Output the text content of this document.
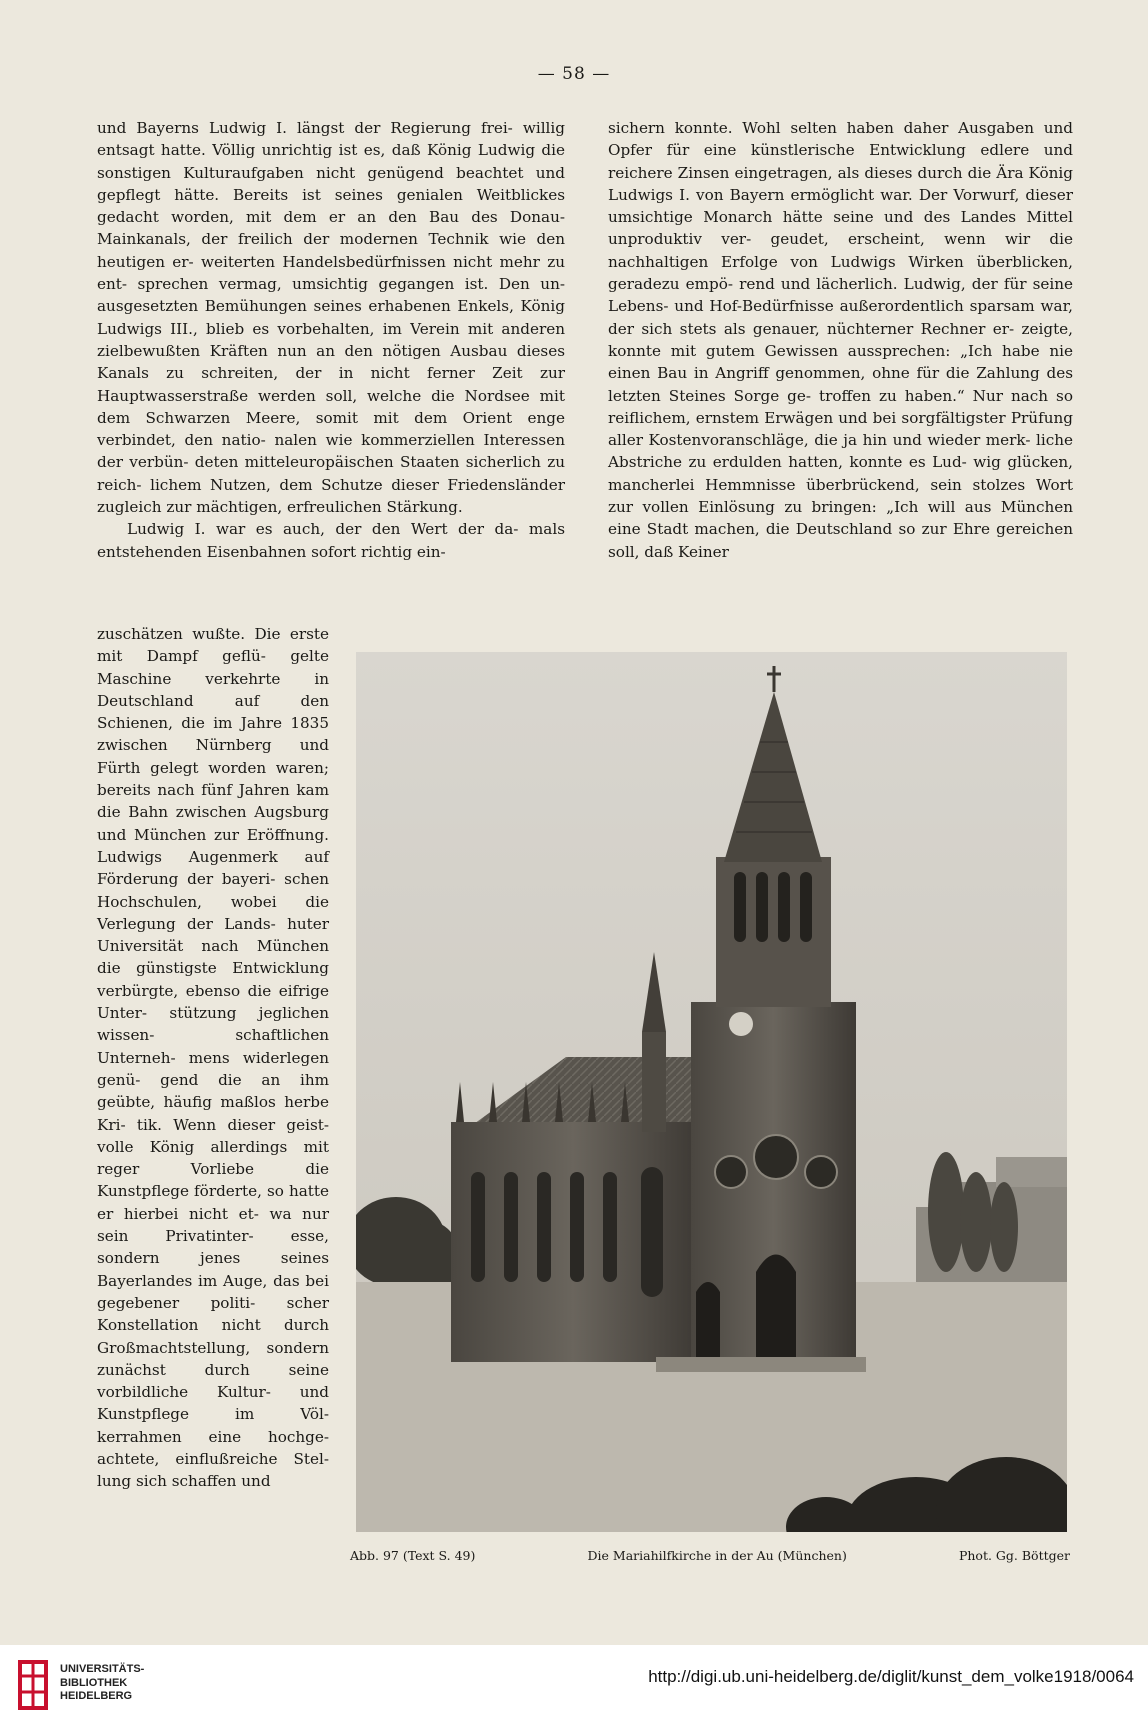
— 58 —

und Bayerns Ludwig I. längst der Regierung frei- willig entsagt hatte. Völlig unrichtig ist es, daß König Ludwig die sonstigen Kulturaufgaben nicht genügend beachtet und gepflegt hätte. Bereits ist seines genialen Weitblickes gedacht worden, mit dem er an den Bau des Donau-Mainkanals, der freilich der modernen Technik wie den heutigen er- weiterten Handelsbedürfnissen nicht mehr zu ent- sprechen vermag, umsichtig gegangen ist. Den un- ausgesetzten Bemühungen seines erhabenen Enkels, König Ludwigs III., blieb es vorbehalten, im Verein mit anderen zielbewußten Kräften nun an den nötigen Ausbau dieses Kanals zu schreiten, der in nicht ferner Zeit zur Hauptwasserstraße werden soll, welche die Nordsee mit dem Schwarzen Meere, somit mit dem Orient enge verbindet, den natio- nalen wie kommerziellen Interessen der verbün- deten mitteleuropäischen Staaten sicherlich zu reich- lichem Nutzen, dem Schutze dieser Friedensländer zugleich zur mächtigen, erfreulichen Stärkung.

Ludwig I. war es auch, der den Wert der da- mals entstehenden Eisenbahnen sofort richtig ein-

zuschätzen wußte. Die erste mit Dampf geflü- gelte Maschine verkehrte in Deutschland auf den Schienen, die im Jahre 1835 zwischen Nürnberg und Fürth gelegt worden waren; bereits nach fünf Jahren kam die Bahn zwischen Augsburg und München zur Eröffnung. Ludwigs Augenmerk auf Förderung der bayeri- schen Hochschulen, wobei die Verlegung der Lands- huter Universität nach München die günstigste Entwicklung verbürgte, ebenso die eifrige Unter- stützung jeglichen wissen- schaftlichen Unterneh- mens widerlegen genü- gend die an ihm geübte, häufig maßlos herbe Kri- tik. Wenn dieser geist- volle König allerdings mit reger Vorliebe die Kunstpflege förderte, so hatte er hierbei nicht et- wa nur sein Privatinter- esse, sondern jenes seines Bayerlandes im Auge, das bei gegebener politi- scher Konstellation nicht durch Großmachtstellung, sondern zunächst durch seine vorbildliche Kultur- und Kunstpflege im Völ- kerrahmen eine hochge- achtete, einflußreiche Stel- lung sich schaffen und

sichern konnte. Wohl selten haben daher Ausgaben und Opfer für eine künstlerische Entwicklung edlere und reichere Zinsen eingetragen, als dieses durch die Ära König Ludwigs I. von Bayern ermöglicht war. Der Vorwurf, dieser umsichtige Monarch hätte seine und des Landes Mittel unproduktiv ver- geudet, erscheint, wenn wir die nachhaltigen Erfolge von Ludwigs Wirken überblicken, geradezu empö- rend und lächerlich. Ludwig, der für seine Lebens- und Hof-Bedürfnisse außerordentlich sparsam war, der sich stets als genauer, nüchterner Rechner er- zeigte, konnte mit gutem Gewissen aussprechen: „Ich habe nie einen Bau in Angriff genommen, ohne für die Zahlung des letzten Steines Sorge ge- troffen zu haben.“ Nur nach so reiflichem, ernstem Erwägen und bei sorgfältigster Prüfung aller Kostenvoranschläge, die ja hin und wieder merk- liche Abstriche zu erdulden hatten, konnte es Lud- wig glücken, mancherlei Hemmnisse überbrückend, sein stolzes Wort zur vollen Einlösung zu bringen: „Ich will aus München eine Stadt machen, die Deutschland so zur Ehre gereichen soll, daß Keiner

Abb. 97 (Text S. 49)	Die Mariahilfkirche in der Au (München)	Phot. Gg. Böttger
UNIVERSITÄTS-
BIBLIOTHEK
HEIDELBERG
http://digi.ub.uni-heidelberg.de/diglit/kunst_dem_volke1918/0064
